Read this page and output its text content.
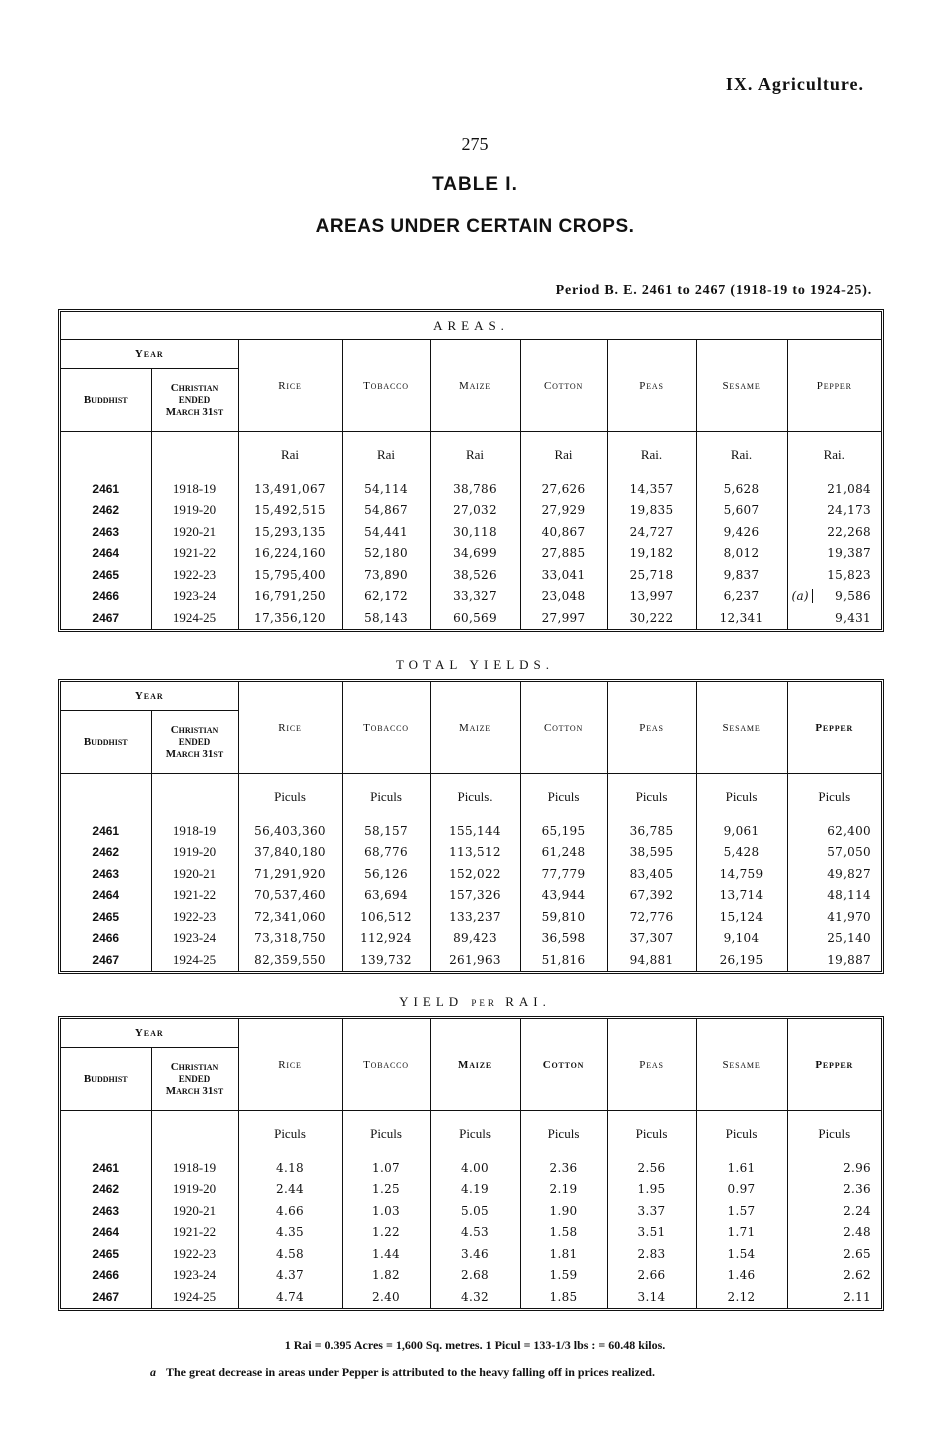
IX. Agriculture.
275
TABLE I.
AREAS UNDER CERTAIN CROPS.
Period B. E. 2461 to 2467 (1918-19 to 1924-25).
AREAS.
Year		Rice	Tobacco	Maize	Cotton	Peas	Sesame	Pepper
Buddhist	Christian
ENDED
March 31st							
		Rai	Rai	Rai	Rai	Rai.	Rai.	Rai.
2461	1918-19	13,491,067	54,114	38,786	27,626	14,357	5,628	21,084
2462	1919-20	15,492,515	54,867	27,032	27,929	19,835	5,607	24,173
2463	1920-21	15,293,135	54,441	30,118	40,867	24,727	9,426	22,268
2464	1921-22	16,224,160	52,180	34,699	27,885	19,182	8,012	19,387
2465	1922-23	15,795,400	73,890	38,526	33,041	25,718	9,837	15,823
2466	1923-24	16,791,250	62,172	33,327	23,048	13,997	6,237	(a) 9,586
2467	1924-25	17,356,120	58,143	60,569	27,997	30,222	12,341	9,431
TOTAL YIELDS.
Year		Rice	Tobacco	Maize	Cotton	Peas	Sesame	Pepper
Buddhist	Christian
ENDED
March 31st							
		Piculs	Piculs	Piculs.	Piculs	Piculs	Piculs	Piculs
2461	1918-19	56,403,360	58,157	155,144	65,195	36,785	9,061	62,400
2462	1919-20	37,840,180	68,776	113,512	61,248	38,595	5,428	57,050
2463	1920-21	71,291,920	56,126	152,022	77,779	83,405	14,759	49,827
2464	1921-22	70,537,460	63,694	157,326	43,944	67,392	13,714	48,114
2465	1922-23	72,341,060	106,512	133,237	59,810	72,776	15,124	41,970
2466	1923-24	73,318,750	112,924	89,423	36,598	37,307	9,104	25,140
2467	1924-25	82,359,550	139,732	261,963	51,816	94,881	26,195	19,887
YIELD PER RAI.
Year		Rice	Tobacco	Maize	Cotton	Peas	Sesame	Pepper
Buddhist	Christian
ENDED
March 31st							
		Piculs	Piculs	Piculs	Piculs	Piculs	Piculs	Piculs
2461	1918-19	4.18	1.07	4.00	2.36	2.56	1.61	2.96
2462	1919-20	2.44	1.25	4.19	2.19	1.95	0.97	2.36
2463	1920-21	4.66	1.03	5.05	1.90	3.37	1.57	2.24
2464	1921-22	4.35	1.22	4.53	1.58	3.51	1.71	2.48
2465	1922-23	4.58	1.44	3.46	1.81	2.83	1.54	2.65
2466	1923-24	4.37	1.82	2.68	1.59	2.66	1.46	2.62
2467	1924-25	4.74	2.40	4.32	1.85	3.14	2.12	2.11
1 Rai = 0.395 Acres = 1,600 Sq. metres. 1 Picul = 133-1/3 lbs : = 60.48 kilos.
a The great decrease in areas under Pepper is attributed to the heavy falling off in prices realized.
